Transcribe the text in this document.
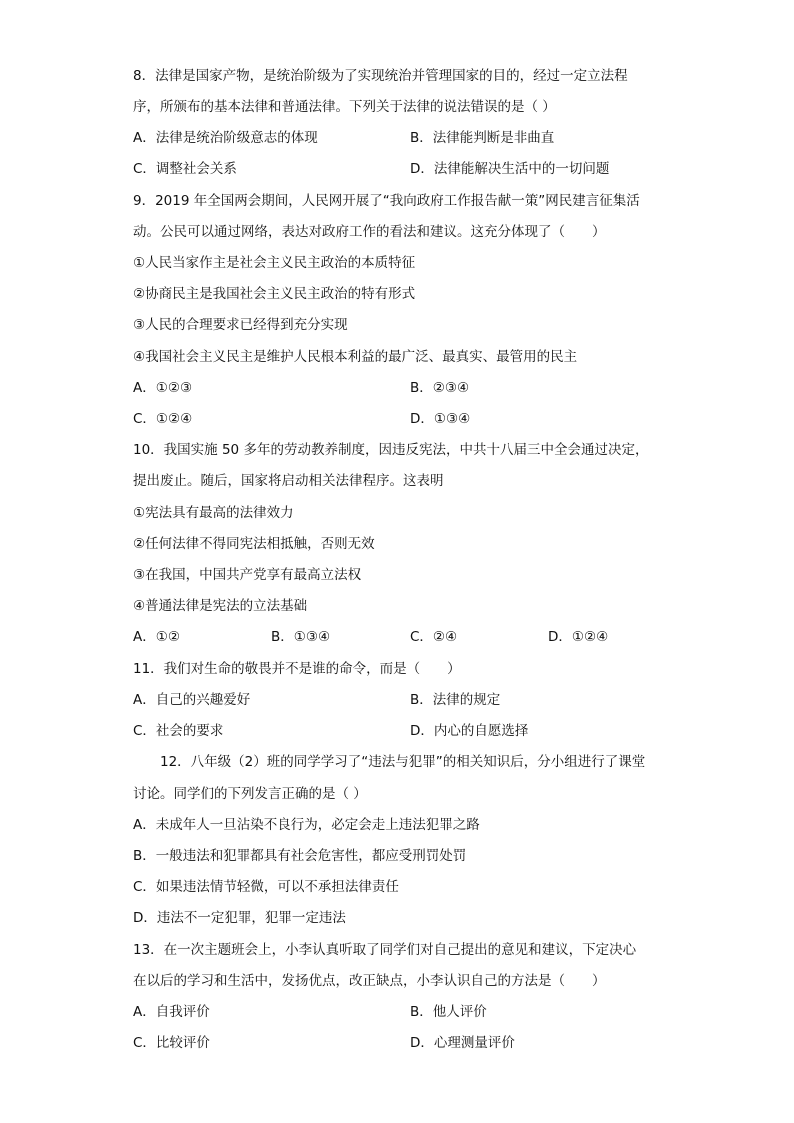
8．法律是国家产物，是统治阶级为了实现统治并管理国家的目的，经过一定立法程
序，所颁布的基本法律和普通法律。下列关于法律的说法错误的是（ ）
A．法律是统治阶级意志的体现	B．法律能判断是非曲直
C．调整社会关系	D．法律能解决生活中的一切问题
9．2019 年全国两会期间，人民网开展了“我向政府工作报告献一策”网民建言征集活
动。公民可以通过网络，表达对政府工作的看法和建议。这充分体现了（　　）
①人民当家作主是社会主义民主政治的本质特征
②协商民主是我国社会主义民主政治的特有形式
③人民的合理要求已经得到充分实现
④我国社会主义民主是维护人民根本利益的最广泛、最真实、最管用的民主
A．①②③	B．②③④
C．①②④	D．①③④
10．我国实施 50 多年的劳动教养制度，因违反宪法，中共十八届三中全会通过决定，
提出废止。随后，国家将启动相关法律程序。这表明
①宪法具有最高的法律效力
②任何法律不得同宪法相抵触，否则无效
③在我国，中国共产党享有最高立法权
④普通法律是宪法的立法基础
A．①②	B．①③④	C．②④	D．①②④
11．我们对生命的敬畏并不是谁的命令，而是（　　）
A．自己的兴趣爱好	B．法律的规定
C．社会的要求	D．内心的自愿选择
12．八年级（2）班的同学学习了“违法与犯罪”的相关知识后，分小组进行了课堂
讨论。同学们的下列发言正确的是（ ）
A．未成年人一旦沾染不良行为，必定会走上违法犯罪之路
B．一般违法和犯罪都具有社会危害性，都应受刑罚处罚
C．如果违法情节轻微，可以不承担法律责任
D．违法不一定犯罪，犯罪一定违法
13．在一次主题班会上，小李认真听取了同学们对自己提出的意见和建议，下定决心
在以后的学习和生活中，发扬优点，改正缺点，小李认识自己的方法是（　　）
A．自我评价	B．他人评价
C．比较评价	D．心理测量评价
